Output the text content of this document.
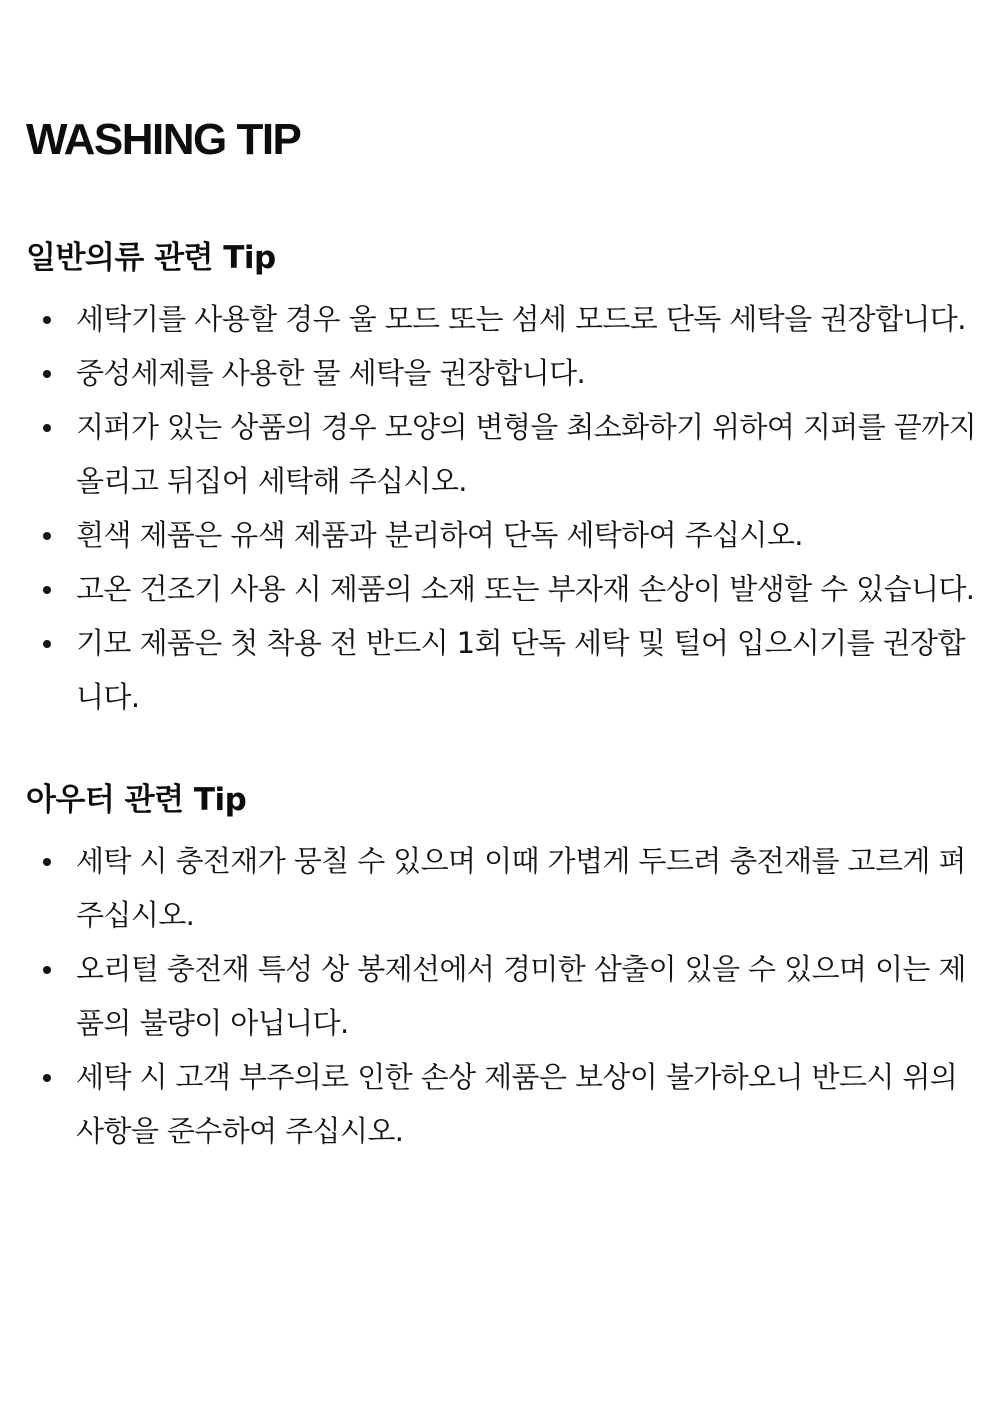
WASHING TIP
일반의류 관련 Tip
세탁기를 사용할 경우 울 모드 또는 섬세 모드로 단독 세탁을 권장합니다.
중성세제를 사용한 물 세탁을 권장합니다.
지퍼가 있는 상품의 경우 모양의 변형을 최소화하기 위하여 지퍼를 끝까지 올리고 뒤집어 세탁해 주십시오.
흰색 제품은 유색 제품과 분리하여 단독 세탁하여 주십시오.
고온 건조기 사용 시 제품의 소재 또는 부자재 손상이 발생할 수 있습니다.
기모 제품은 첫 착용 전 반드시 1회 단독 세탁 및 털어 입으시기를 권장합니다.
아우터 관련 Tip
세탁 시 충전재가 뭉칠 수 있으며 이때 가볍게 두드려 충전재를 고르게 펴 주십시오.
오리털 충전재 특성 상 봉제선에서 경미한 삼출이 있을 수 있으며 이는 제품의 불량이 아닙니다.
세탁 시 고객 부주의로 인한 손상 제품은 보상이 불가하오니 반드시 위의 사항을 준수하여 주십시오.
